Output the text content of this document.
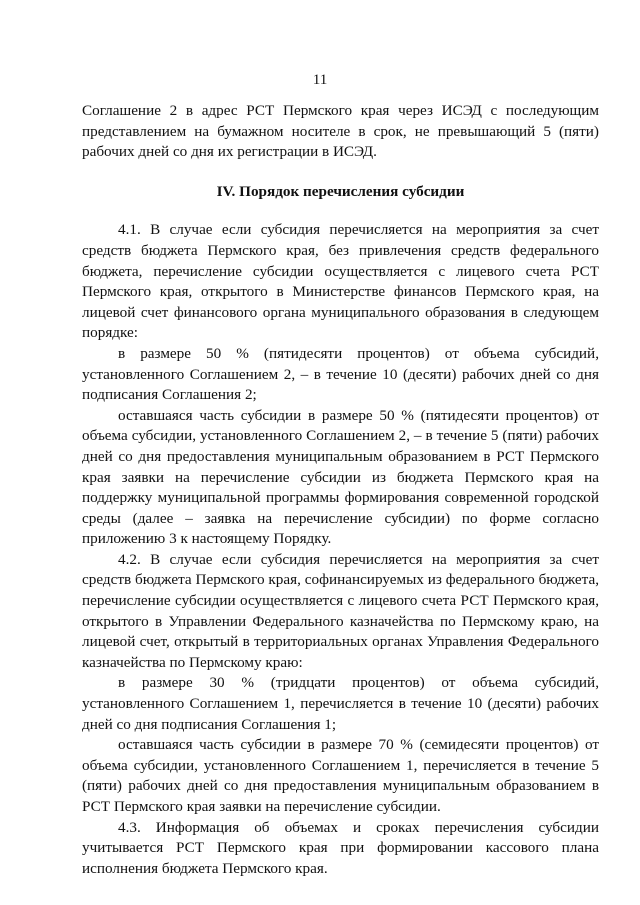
11

Соглашение 2 в адрес РСТ Пермского края через ИСЭД с последующим представлением на бумажном носителе в срок, не превышающий 5 (пяти) рабочих дней со дня их регистрации в ИСЭД.

IV. Порядок перечисления субсидии

4.1. В случае если субсидия перечисляется на мероприятия за счет средств бюджета Пермского края, без привлечения средств федерального бюджета, перечисление субсидии осуществляется с лицевого счета РСТ Пермского края, открытого в Министерстве финансов Пермского края, на лицевой счет финансового органа муниципального образования в следующем порядке:

в размере 50 % (пятидесяти процентов) от объема субсидий, установленного Соглашением 2, – в течение 10 (десяти) рабочих дней со дня подписания Соглашения 2;

оставшаяся часть субсидии в размере 50 % (пятидесяти процентов) от объема субсидии, установленного Соглашением 2, – в течение 5 (пяти) рабочих дней со дня предоставления муниципальным образованием в РСТ Пермского края заявки на перечисление субсидии из бюджета Пермского края на поддержку муниципальной программы формирования современной городской среды (далее – заявка на перечисление субсидии) по форме согласно приложению 3 к настоящему Порядку.

4.2. В случае если субсидия перечисляется на мероприятия за счет средств бюджета Пермского края, софинансируемых из федерального бюджета, перечисление субсидии осуществляется с лицевого счета РСТ Пермского края, открытого в Управлении Федерального казначейства по Пермскому краю, на лицевой счет, открытый в территориальных органах Управления Федерального казначейства по Пермскому краю:

в размере 30 % (тридцати процентов) от объема субсидий, установленного Соглашением 1, перечисляется в течение 10 (десяти) рабочих дней со дня подписания Соглашения 1;

оставшаяся часть субсидии в размере 70 % (семидесяти процентов) от объема субсидии, установленного Соглашением 1, перечисляется в течение 5 (пяти) рабочих дней со дня предоставления муниципальным образованием в РСТ Пермского края заявки на перечисление субсидии.

4.3. Информация об объемах и сроках перечисления субсидии учитывается РСТ Пермского края при формировании кассового плана исполнения бюджета Пермского края.
